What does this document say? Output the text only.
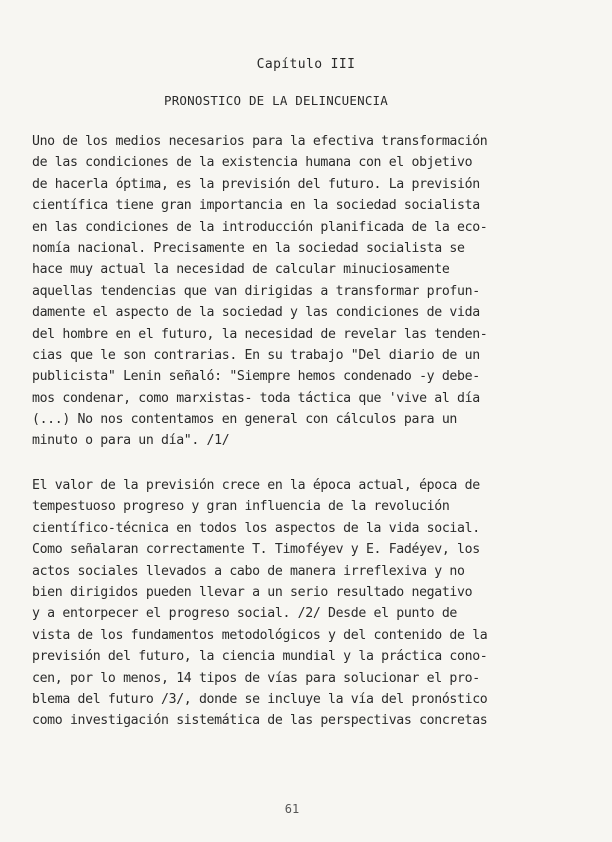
Capítulo III
PRONOSTICO DE LA DELINCUENCIA
Uno de los medios necesarios para la efectiva transformación
de las condiciones de la existencia humana con el objetivo
de hacerla óptima, es la previsión del futuro. La previsión
científica tiene gran importancia en la sociedad socialista
en las condiciones de la introducción planificada de la eco-
nomía nacional. Precisamente en la sociedad socialista se
hace muy actual la necesidad de calcular minuciosamente
aquellas tendencias que van dirigidas a transformar profun-
damente el aspecto de la sociedad y las condiciones de vida
del hombre en el futuro, la necesidad de revelar las tenden-
cias que le son contrarias. En su trabajo "Del diario de un
publicista" Lenin señaló: "Siempre hemos condenado -y debe-
mos condenar, como marxistas- toda táctica que 'vive al día
(...) No nos contentamos en general con cálculos para un
minuto o para un día". /1/
El valor de la previsión crece en la época actual, época de
tempestuoso progreso y gran influencia de la revolución
científico-técnica en todos los aspectos de la vida social.
Como señalaran correctamente T. Timoféyev y E. Fadéyev, los
actos sociales llevados a cabo de manera irreflexiva y no
bien dirigidos pueden llevar a un serio resultado negativo
y a entorpecer el progreso social. /2/ Desde el punto de
vista de los fundamentos metodológicos y del contenido de la
previsión del futuro, la ciencia mundial y la práctica cono-
cen, por lo menos, 14 tipos de vías para solucionar el pro-
blema del futuro /3/, donde se incluye la vía del pronóstico
como investigación sistemática de las perspectivas concretas
61
